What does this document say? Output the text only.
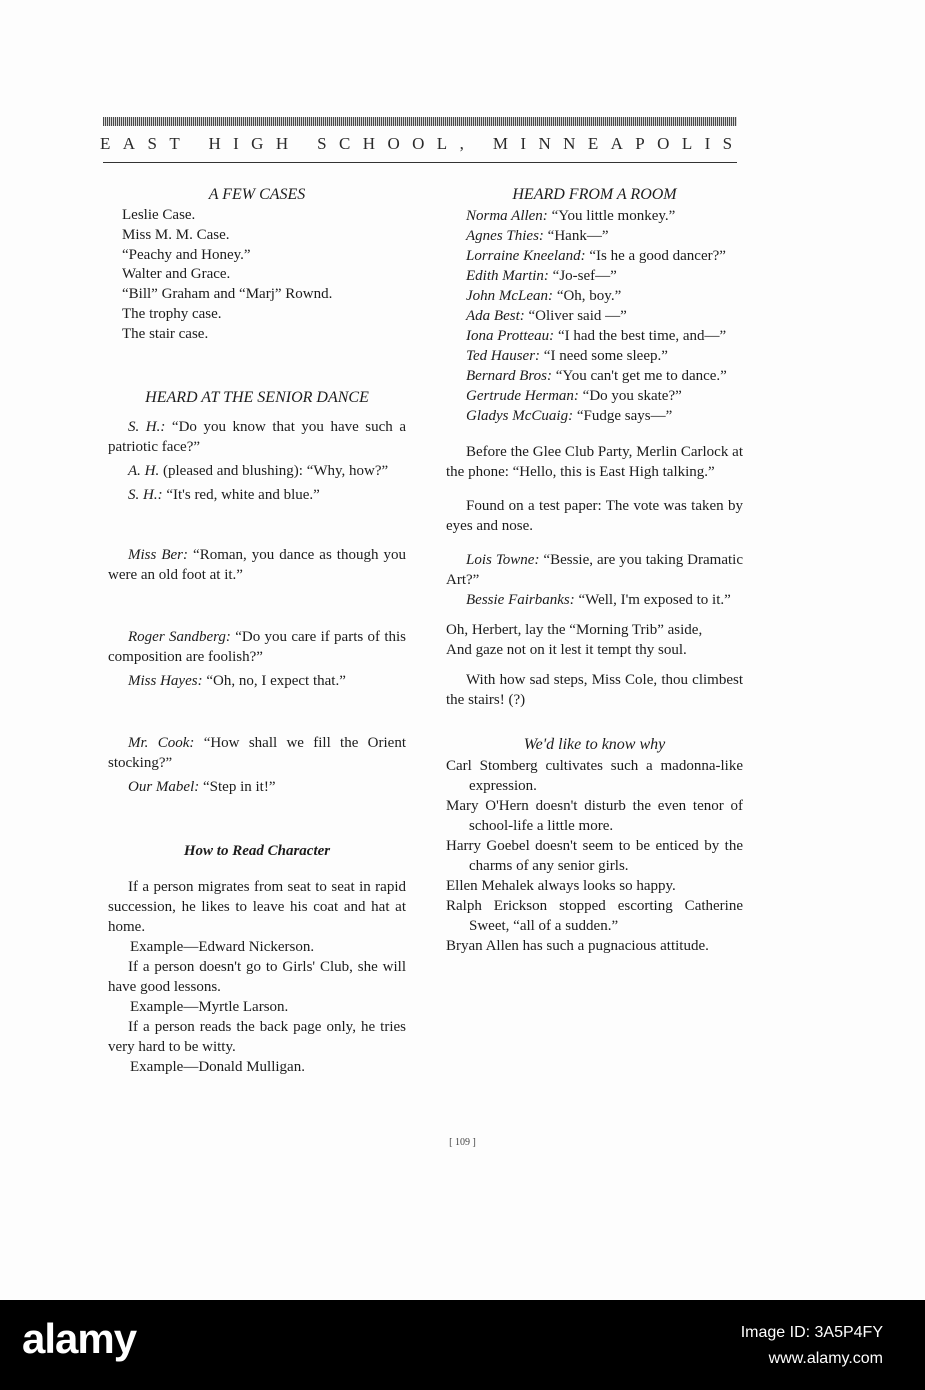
EAST HIGH SCHOOL, MINNEAPOLIS

A FEW CASES

Leslie Case.

Miss M. M. Case.

“Peachy and Honey.”

Walter and Grace.

“Bill” Graham and “Marj” Rownd.

The trophy case.

The stair case.

HEARD AT THE SENIOR DANCE

S. H.: “Do you know that you have such a patriotic face?”

A. H. (pleased and blushing): “Why, how?”

S. H.: “It's red, white and blue.”

Miss Ber: “Roman, you dance as though you were an old foot at it.”

Roger Sandberg: “Do you care if parts of this composition are foolish?”

Miss Hayes: “Oh, no, I expect that.”

Mr. Cook: “How shall we fill the Orient stocking?”

Our Mabel: “Step in it!”

How to Read Character

If a person migrates from seat to seat in rapid succession, he likes to leave his coat and hat at home.

Example—Edward Nickerson.

If a person doesn't go to Girls' Club, she will have good lessons.

Example—Myrtle Larson.

If a person reads the back page only, he tries very hard to be witty.

Example—Donald Mulligan.

HEARD FROM A ROOM

Norma Allen: “You little monkey.”

Agnes Thies: “Hank—”

Lorraine Kneeland: “Is he a good dancer?”

Edith Martin: “Jo-sef—”

John McLean: “Oh, boy.”

Ada Best: “Oliver said —”

Iona Protteau: “I had the best time, and—”

Ted Hauser: “I need some sleep.”

Bernard Bros: “You can't get me to dance.”

Gertrude Herman: “Do you skate?”

Gladys McCuaig: “Fudge says—”

Before the Glee Club Party, Merlin Carlock at the phone: “Hello, this is East High talking.”

Found on a test paper: The vote was taken by eyes and nose.

Lois Towne: “Bessie, are you taking Dramatic Art?”

Bessie Fairbanks: “Well, I'm exposed to it.”

Oh, Herbert, lay the “Morning Trib” aside,

And gaze not on it lest it tempt thy soul.

With how sad steps, Miss Cole, thou climbest the stairs! (?)

We'd like to know why

Carl Stomberg cultivates such a madonna-like expression.

Mary O'Hern doesn't disturb the even tenor of school-life a little more.

Harry Goebel doesn't seem to be enticed by the charms of any senior girls.

Ellen Mehalek always looks so happy.

Ralph Erickson stopped escorting Catherine Sweet, “all of a sudden.”

Bryan Allen has such a pugnacious attitude.

[ 109 ]
alamy	Image ID: 3A5P4FY
www.alamy.com
